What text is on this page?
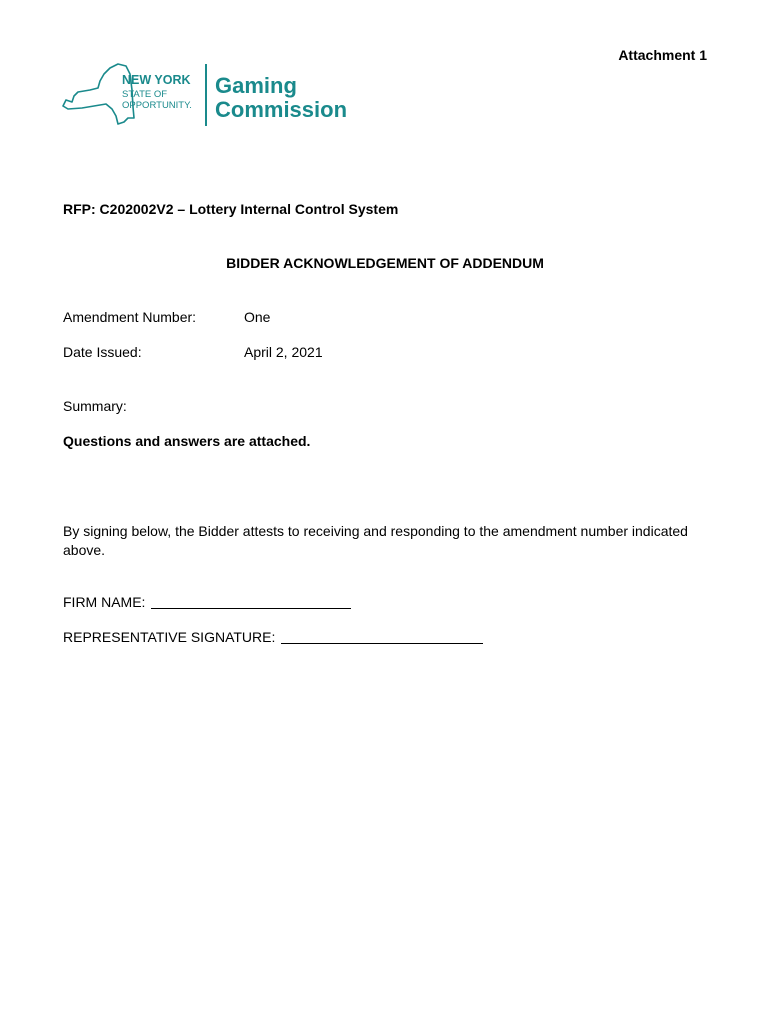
Attachment 1
NEW YORK
STATE OF
OPPORTUNITY.
Gaming
Commission
RFP: C202002V2 – Lottery Internal Control System
BIDDER ACKNOWLEDGEMENT OF ADDENDUM
Amendment Number:	One
Date Issued:	April 2, 2021
Summary:
Questions and answers are attached.
By signing below, the Bidder attests to receiving and responding to the amendment number indicated above.
FIRM NAME:
REPRESENTATIVE SIGNATURE:
